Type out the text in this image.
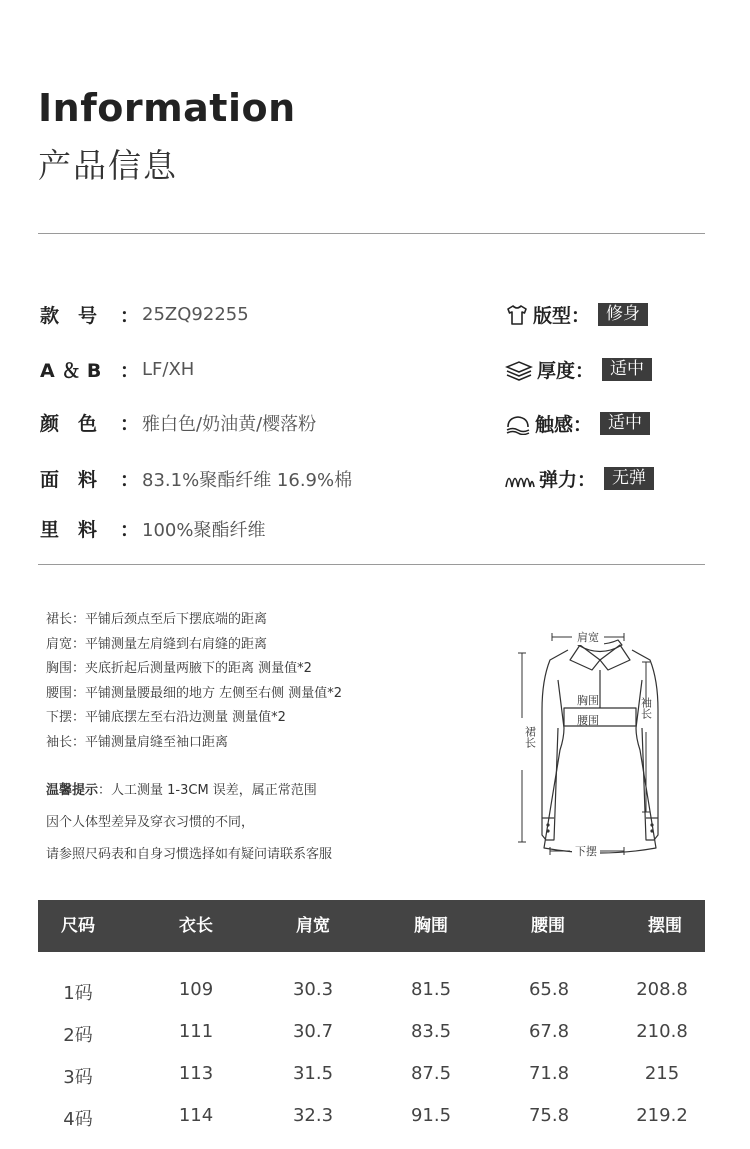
Information
产品信息
款　号	： 25ZQ92255
A ＆ B ： LF/XH
颜　色	： 雅白色/奶油黄/樱落粉
面　料	： 83.1%聚酯纤维 16.9%棉
里　料	： 100%聚酯纤维
版型 ： 修身
厚度 ： 适中
触感 ： 适中
弹力 ： 无弹
裙长：平铺后颈点至后下摆底端的距离
肩宽：平铺测量左肩缝到右肩缝的距离
胸围：夹底折起后测量两腋下的距离 测量值*2
腰围：平铺测量腰最细的地方 左侧至右侧 测量值*2
下摆：平铺底摆左至右沿边测量 测量值*2
袖长：平铺测量肩缝至袖口距离
温馨提示：人工测量 1-3CM 误差，属正常范围
因个人体型差异及穿衣习惯的不同，
请参照尺码表和自身习惯选择如有疑问请联系客服
肩宽
胸围
腰围
裙长
袖长
下摆
尺码	衣长	肩宽	胸围	腰围	摆围
1码	109	30.3	81.5	65.8	208.8
2码	111	30.7	83.5	67.8	210.8
3码	113	31.5	87.5	71.8	215
4码	114	32.3	91.5	75.8	219.2
